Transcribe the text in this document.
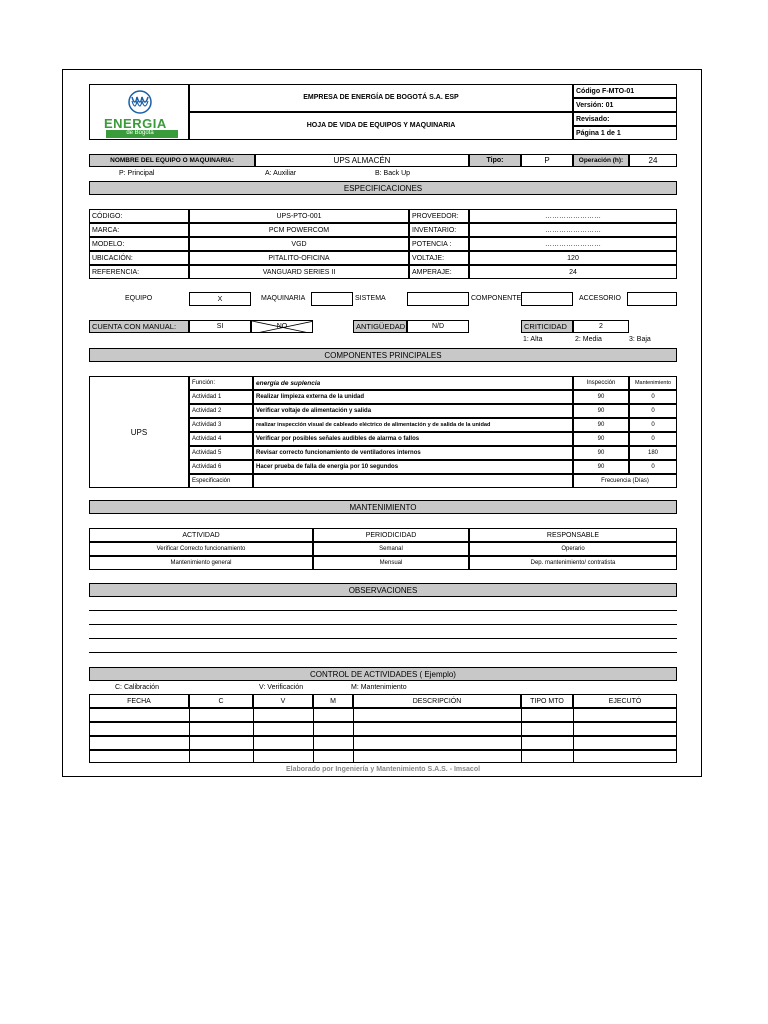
ENERGIA
de Bogotá
EMPRESA DE ENERGÍA DE BOGOTÁ S.A. ESP
HOJA DE VIDA DE EQUIPOS Y MAQUINARIA
Código F-MTO-01
Versión: 01
Revisado:
Página 1 de 1
NOMBRE DEL EQUIPO O MAQUINARIA:	UPS ALMACÉN	Tipo:	P	Operación (h):	24
P: Principal	A: Auxiliar	B: Back Up
ESPECIFICACIONES
CÓDIGO:	UPS-PTO-001	PROVEEDOR:	……………………
MARCA:	PCM POWERCOM	INVENTARIO:	……………………
MODELO:	VGD	POTENCIA :	……………………
UBICACIÓN:	PITALITO-OFICINA	VOLTAJE:	120
REFERENCIA:	VANGUARD SERIES II	AMPERAJE:	24
EQUIPO	X	MAQUINARIA	SISTEMA	COMPONENTE	ACCESORIO
CUENTA CON MANUAL:	SI	NO	ANTIGÜEDAD	N/D	CRITICIDAD	2
1: Alta	2: Media	3: Baja
COMPONENTES PRINCIPALES
UPS
Función:	energía de suplencia	Inspección	Mantenimiento
Actividad 1	Realizar limpieza externa de la unidad	90	0
Actividad 2	Verificar voltaje de alimentación y salida	90	0
Actividad 3	realizar inspección visual de cableado eléctrico de alimentación y de salida de la unidad	90	0
Actividad 4	Verificar por posibles señales audibles de alarma o fallos	90	0
Actividad 5	Revisar correcto funcionamiento de ventiladores internos	90	180
Actividad 6	Hacer prueba de falla de energía por 10 segundos	90	0
Especificación	Frecuencia (Días)
MANTENIMIENTO
ACTIVIDAD	PERIODICIDAD	RESPONSABLE
Verificar Correcto funcionamiento	Semanal	Operario
Mantenimiento general	Mensual	Dep. mantenimiento/ contratista
OBSERVACIONES
CONTROL DE ACTIVIDADES ( Ejemplo)
C: Calibración	V: Verificación	M: Mantenimiento
FECHA	C	V	M	DESCRIPCIÓN	TIPO MTO	EJECUTÓ
Elaborado por Ingeniería y Mantenimiento S.A.S. - Imsacol
